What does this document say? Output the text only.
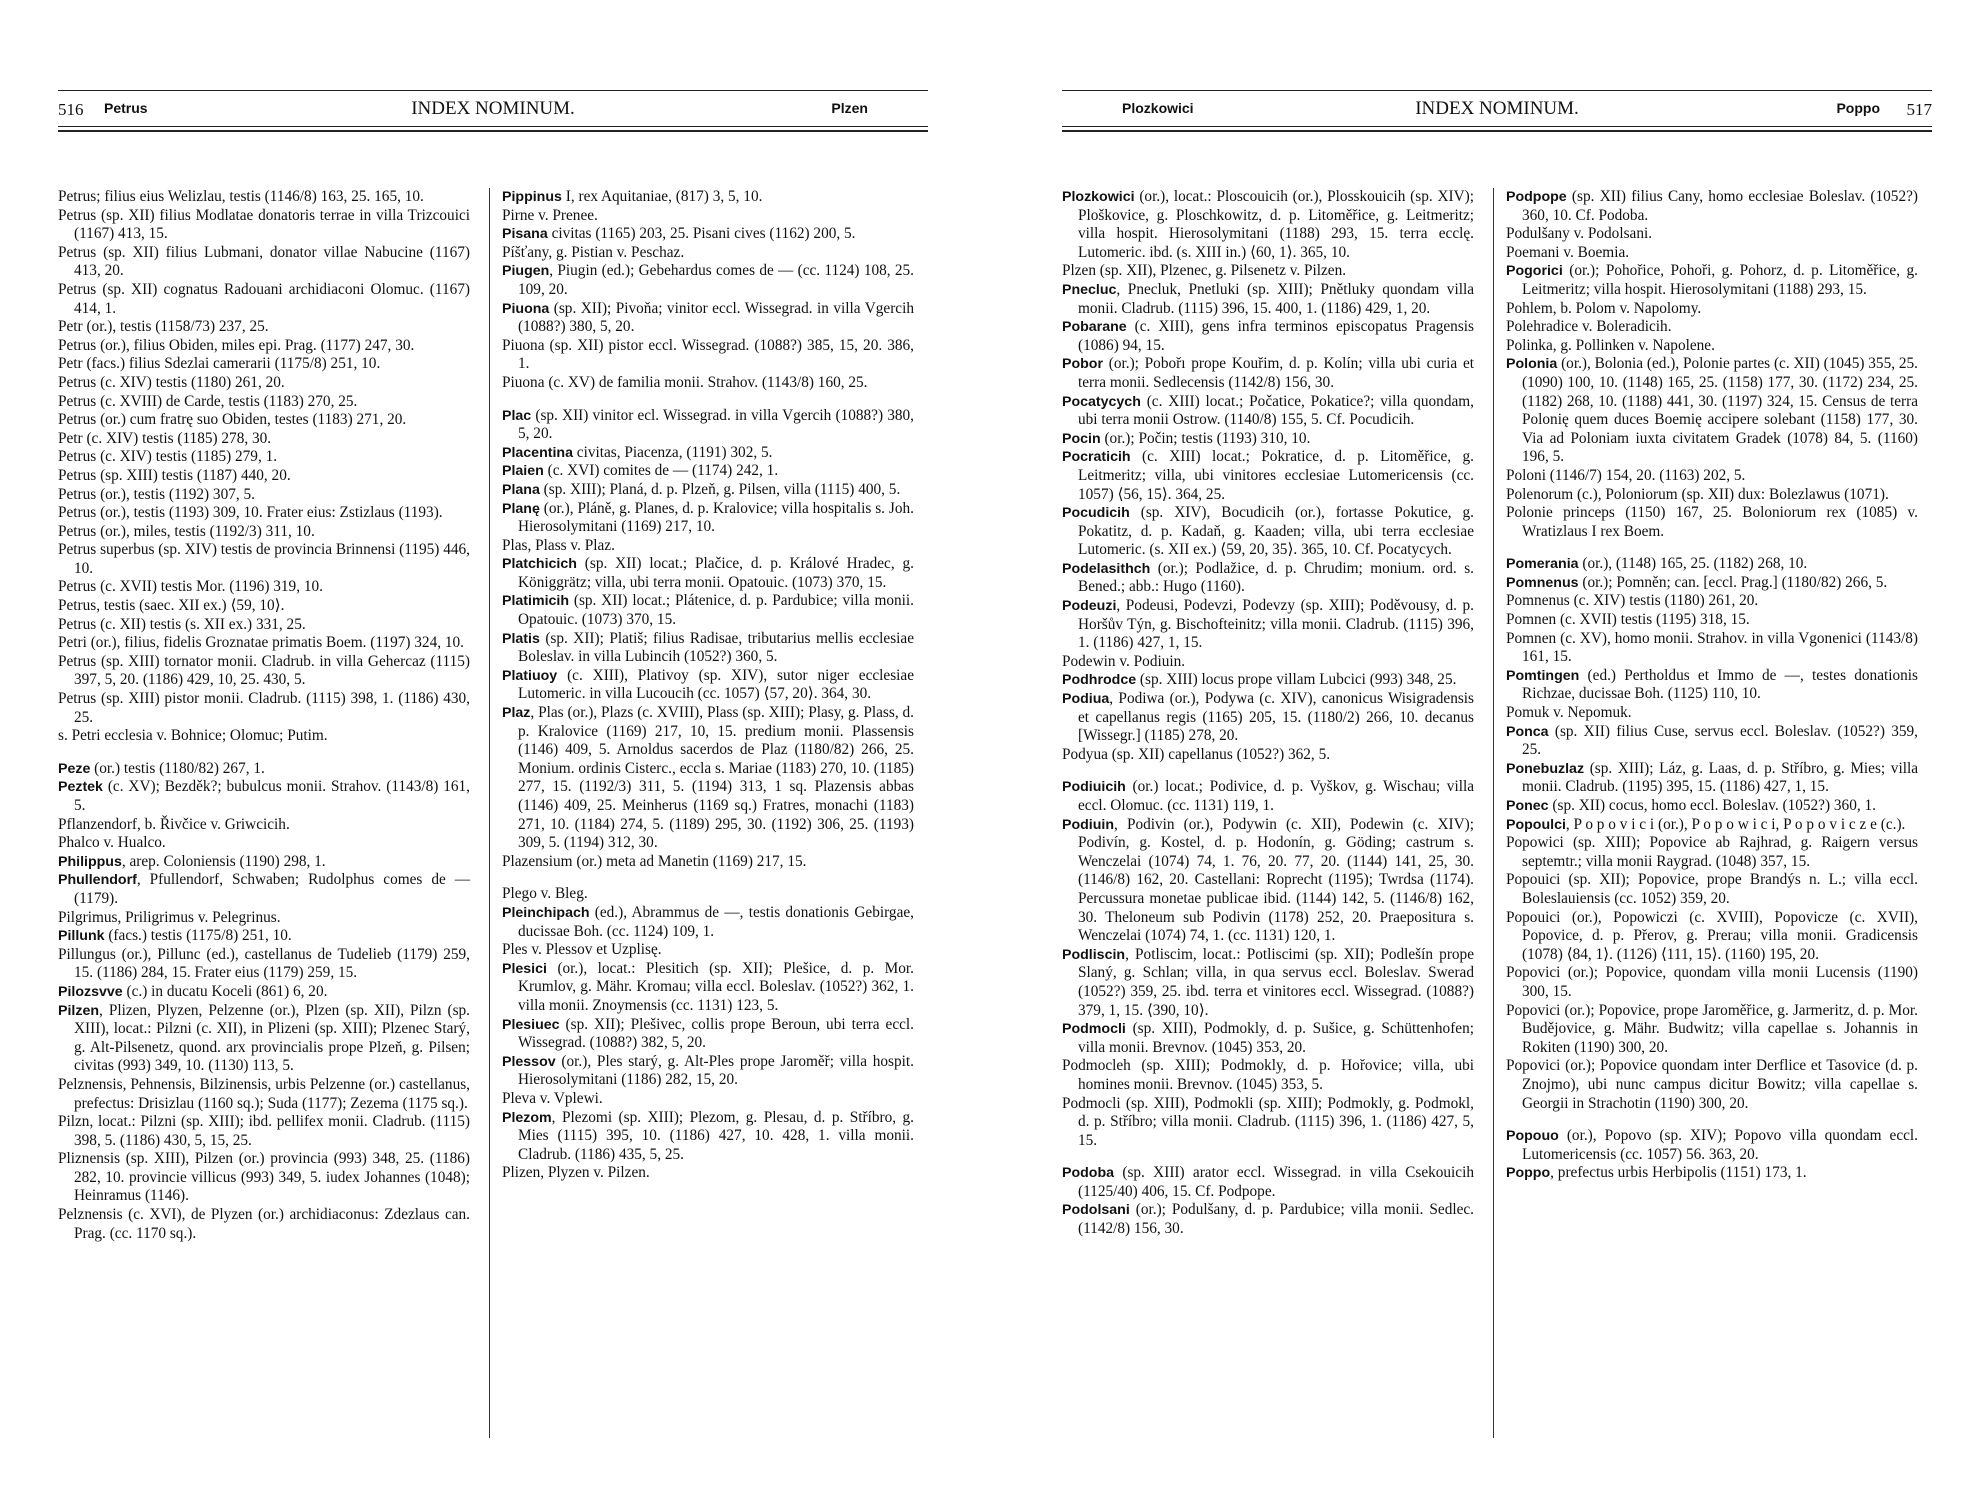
516 Petrus	INDEX NOMINUM.	Plzen

Petrus; filius eius Welizlau, testis (1146/8) 163, 25. 165, 10.

Petrus (sp. XII) filius Modlatae donatoris terrae in villa Trizcouici (1167) 413, 15.

Petrus (sp. XII) filius Lubmani, donator villae Nabucine (1167) 413, 20.

Petrus (sp. XII) cognatus Radouani archidiaconi Olomuc. (1167) 414, 1.

Petr (or.), testis (1158/73) 237, 25.

Petrus (or.), filius Obiden, miles epi. Prag. (1177) 247, 30.

Petr (facs.) filius Sdezlai camerarii (1175/8) 251, 10.

Petrus (c. XIV) testis (1180) 261, 20.

Petrus (c. XVIII) de Carde, testis (1183) 270, 25.

Petrus (or.) cum fratrę suo Obiden, testes (1183) 271, 20.

Petr (c. XIV) testis (1185) 278, 30.

Petrus (c. XIV) testis (1185) 279, 1.

Petrus (sp. XIII) testis (1187) 440, 20.

Petrus (or.), testis (1192) 307, 5.

Petrus (or.), testis (1193) 309, 10. Frater eius: Zstizlaus (1193).

Petrus (or.), miles, testis (1192/3) 311, 10.

Petrus superbus (sp. XIV) testis de provincia Brinnensi (1195) 446, 10.

Petrus (c. XVII) testis Mor. (1196) 319, 10.

Petrus, testis (saec. XII ex.) ⟨59, 10⟩.

Petrus (c. XII) testis (s. XII ex.) 331, 25.

Petri (or.), filius, fidelis Groznatae primatis Boem. (1197) 324, 10.

Petrus (sp. XIII) tornator monii. Cladrub. in villa Gehercaz (1115) 397, 5, 20. (1186) 429, 10, 25. 430, 5.

Petrus (sp. XIII) pistor monii. Cladrub. (1115) 398, 1. (1186) 430, 25.

s. Petri ecclesia v. Bohnice; Olomuc; Putim.

Peze (or.) testis (1180/82) 267, 1.

Peztek (c. XV); Bezděk?; bubulcus monii. Strahov. (1143/8) 161, 5.

Pflanzendorf, b. Řivčice v. Griwcicih.

Phalco v. Hualco.

Philippus, arep. Coloniensis (1190) 298, 1.

Phullendorf, Pfullendorf, Schwaben; Rudolphus comes de — (1179).

Pilgrimus, Priligrimus v. Pelegrinus.

Pillunk (facs.) testis (1175/8) 251, 10.

Pillungus (or.), Pillunc (ed.), castellanus de Tudelieb (1179) 259, 15. (1186) 284, 15. Frater eius (1179) 259, 15.

Pilozsvve (c.) in ducatu Koceli (861) 6, 20.

Pilzen, Plizen, Plyzen, Pelzenne (or.), Plzen (sp. XII), Pilzn (sp. XIII), locat.: Pilzni (c. XII), in Plizeni (sp. XIII); Plzenec Starý, g. Alt-Pilsenetz, quond. arx provincialis prope Plzeň, g. Pilsen; civitas (993) 349, 10. (1130) 113, 5.

Pelznensis, Pehnensis, Bilzinensis, urbis Pelzenne (or.) castellanus, prefectus: Drisizlau (1160 sq.); Suda (1177); Zezema (1175 sq.).

Pilzn, locat.: Pilzni (sp. XIII); ibd. pellifex monii. Cladrub. (1115) 398, 5. (1186) 430, 5, 15, 25.

Pliznensis (sp. XIII), Pilzen (or.) provincia (993) 348, 25. (1186) 282, 10. provincie villicus (993) 349, 5. iudex Johannes (1048); Heinramus (1146).

Pelznensis (c. XVI), de Plyzen (or.) archidiaconus: Zdezlaus can. Prag. (cc. 1170 sq.).

Pippinus I, rex Aquitaniae, (817) 3, 5, 10.

Pirne v. Prenee.

Pisana civitas (1165) 203, 25. Pisani cives (1162) 200, 5.

Píšťany, g. Pistian v. Peschaz.

Piugen, Piugin (ed.); Gebehardus comes de — (cc. 1124) 108, 25. 109, 20.

Piuona (sp. XII); Pivoňa; vinitor eccl. Wissegrad. in villa Vgercih (1088?) 380, 5, 20.

Piuona (sp. XII) pistor eccl. Wissegrad. (1088?) 385, 15, 20. 386, 1.

Piuona (c. XV) de familia monii. Strahov. (1143/8) 160, 25.

Plac (sp. XII) vinitor ecl. Wissegrad. in villa Vgercih (1088?) 380, 5, 20.

Placentina civitas, Piacenza, (1191) 302, 5.

Plaien (c. XVI) comites de — (1174) 242, 1.

Plana (sp. XIII); Planá, d. p. Plzeň, g. Pilsen, villa (1115) 400, 5.

Planę (or.), Pláně, g. Planes, d. p. Kralovice; villa hospitalis s. Joh. Hierosolymitani (1169) 217, 10.

Plas, Plass v. Plaz.

Platchicich (sp. XII) locat.; Plačice, d. p. Králové Hradec, g. Königgrätz; villa, ubi terra monii. Opatouic. (1073) 370, 15.

Platimicih (sp. XII) locat.; Plátenice, d. p. Pardubice; villa monii. Opatouic. (1073) 370, 15.

Platis (sp. XII); Platiš; filius Radisae, tributarius mellis ecclesiae Boleslav. in villa Lubincih (1052?) 360, 5.

Platiuoy (c. XIII), Plativoy (sp. XIV), sutor niger ecclesiae Lutomeric. in villa Lucoucih (cc. 1057) ⟨57, 20⟩. 364, 30.

Plaz, Plas (or.), Plazs (c. XVIII), Plass (sp. XIII); Plasy, g. Plass, d. p. Kralovice (1169) 217, 10, 15. predium monii. Plassensis (1146) 409, 5. Arnoldus sacerdos de Plaz (1180/82) 266, 25. Monium. ordinis Cisterc., eccla s. Mariae (1183) 270, 10. (1185) 277, 15. (1192/3) 311, 5. (1194) 313, 1 sq. Plazensis abbas (1146) 409, 25. Meinherus (1169 sq.) Fratres, monachi (1183) 271, 10. (1184) 274, 5. (1189) 295, 30. (1192) 306, 25. (1193) 309, 5. (1194) 312, 30.

Plazensium (or.) meta ad Manetin (1169) 217, 15.

Plego v. Bleg.

Pleinchipach (ed.), Abrammus de —, testis donationis Gebirgae, ducissae Boh. (cc. 1124) 109, 1.

Ples v. Plessov et Uzplisę.

Plesici (or.), locat.: Plesitich (sp. XII); Plešice, d. p. Mor. Krumlov, g. Mähr. Kromau; villa eccl. Boleslav. (1052?) 362, 1. villa monii. Znoymensis (cc. 1131) 123, 5.

Plesiuec (sp. XII); Plešivec, collis prope Beroun, ubi terra eccl. Wissegrad. (1088?) 382, 5, 20.

Plessov (or.), Ples starý, g. Alt-Ples prope Jaroměř; villa hospit. Hierosolymitani (1186) 282, 15, 20.

Pleva v. Vplewi.

Plezom, Plezomi (sp. XIII); Plezom, g. Plesau, d. p. Stříbro, g. Mies (1115) 395, 10. (1186) 427, 10. 428, 1. villa monii. Cladrub. (1186) 435, 5, 25.

Plizen, Plyzen v. Pilzen.

Plozkowici	INDEX NOMINUM.	Poppo 517

Plozkowici (or.), locat.: Ploscouicih (or.), Plosskouicih (sp. XIV); Ploškovice, g. Ploschkowitz, d. p. Litoměřice, g. Leitmeritz; villa hospit. Hierosolymitani (1188) 293, 15. terra ecclę. Lutomeric. ibd. (s. XIII in.) ⟨60, 1⟩. 365, 10.

Plzen (sp. XII), Plzenec, g. Pilsenetz v. Pilzen.

Pnecluc, Pnecluk, Pnetluki (sp. XIII); Pnětluky quondam villa monii. Cladrub. (1115) 396, 15. 400, 1. (1186) 429, 1, 20.

Pobarane (c. XIII), gens infra terminos episcopatus Pragensis (1086) 94, 15.

Pobor (or.); Pobořı prope Kouřim, d. p. Kolín; villa ubi curia et terra monii. Sedlecensis (1142/8) 156, 30.

Pocatycych (c. XIII) locat.; Počatice, Pokatice?; villa quondam, ubi terra monii Ostrow. (1140/8) 155, 5. Cf. Pocudicih.

Pocin (or.); Počin; testis (1193) 310, 10.

Pocraticih (c. XIII) locat.; Pokratice, d. p. Litoměřice, g. Leitmeritz; villa, ubi vinitores ecclesiae Lutomericensis (cc. 1057) ⟨56, 15⟩. 364, 25.

Pocudicih (sp. XIV), Bocudicih (or.), fortasse Pokutice, g. Pokatitz, d. p. Kadaň, g. Kaaden; villa, ubi terra ecclesiae Lutomeric. (s. XII ex.) ⟨59, 20, 35⟩. 365, 10. Cf. Pocatycych.

Podelasithch (or.); Podlažice, d. p. Chrudim; monium. ord. s. Bened.; abb.: Hugo (1160).

Podeuzi, Podeusi, Podevzi, Podevzy (sp. XIII); Poděvousy, d. p. Horšův Týn, g. Bischofteinitz; villa monii. Cladrub. (1115) 396, 1. (1186) 427, 1, 15.

Podewin v. Podiuin.

Podhrodce (sp. XIII) locus prope villam Lubcici (993) 348, 25.

Podiua, Podiwa (or.), Podywa (c. XIV), canonicus Wisigradensis et capellanus regis (1165) 205, 15. (1180/2) 266, 10. decanus [Wissegr.] (1185) 278, 20.

Podyua (sp. XII) capellanus (1052?) 362, 5.

Podiuicih (or.) locat.; Podivice, d. p. Vyškov, g. Wischau; villa eccl. Olomuc. (cc. 1131) 119, 1.

Podiuin, Podivin (or.), Podywin (c. XII), Podewin (c. XIV); Podivín, g. Kostel, d. p. Hodonín, g. Göding; castrum s. Wenczelai (1074) 74, 1. 76, 20. 77, 20. (1144) 141, 25, 30. (1146/8) 162, 20. Castellani: Roprecht (1195); Twrdsa (1174). Percussura monetae publicae ibid. (1144) 142, 5. (1146/8) 162, 30. Theloneum sub Podivin (1178) 252, 20. Praepositura s. Wenczelai (1074) 74, 1. (cc. 1131) 120, 1.

Podliscin, Potliscim, locat.: Potliscimi (sp. XII); Podlešín prope Slaný, g. Schlan; villa, in qua servus eccl. Boleslav. Swerad (1052?) 359, 25. ibd. terra et vinitores eccl. Wissegrad. (1088?) 379, 1, 15. ⟨390, 10⟩.

Podmocli (sp. XIII), Podmokly, d. p. Sušice, g. Schüttenhofen; villa monii. Brevnov. (1045) 353, 20.

Podmocleh (sp. XIII); Podmokly, d. p. Hořovice; villa, ubi homines monii. Brevnov. (1045) 353, 5.

Podmocli (sp. XIII), Podmokli (sp. XIII); Podmokly, g. Podmokl, d. p. Stříbro; villa monii. Cladrub. (1115) 396, 1. (1186) 427, 5, 15.

Podoba (sp. XIII) arator eccl. Wissegrad. in villa Csekouicih (1125/40) 406, 15. Cf. Podpope.

Podolsani (or.); Podulšany, d. p. Pardubice; villa monii. Sedlec. (1142/8) 156, 30.

Podpope (sp. XII) filius Cany, homo ecclesiae Boleslav. (1052?) 360, 10. Cf. Podoba.

Podulšany v. Podolsani.

Poemani v. Boemia.

Pogorici (or.); Pohořice, Pohoři, g. Pohorz, d. p. Litoměřice, g. Leitmeritz; villa hospit. Hierosolymitani (1188) 293, 15.

Pohlem, b. Polom v. Napolomy.

Polehradice v. Boleradicih.

Polinka, g. Pollinken v. Napolene.

Polonia (or.), Bolonia (ed.), Polonie partes (c. XII) (1045) 355, 25. (1090) 100, 10. (1148) 165, 25. (1158) 177, 30. (1172) 234, 25. (1182) 268, 10. (1188) 441, 30. (1197) 324, 15. Census de terra Polonię quem duces Boemię accipere solebant (1158) 177, 30. Via ad Poloniam iuxta civitatem Gradek (1078) 84, 5. (1160) 196, 5.

Poloni (1146/7) 154, 20. (1163) 202, 5.

Polenorum (c.), Poloniorum (sp. XII) dux: Bolezlawus (1071).

Polonie princeps (1150) 167, 25. Boloniorum rex (1085) v. Wratizlaus I rex Boem.

Pomerania (or.), (1148) 165, 25. (1182) 268, 10.

Pomnenus (or.); Pomněn; can. [eccl. Prag.] (1180/82) 266, 5.

Pomnenus (c. XIV) testis (1180) 261, 20.

Pomnen (c. XVII) testis (1195) 318, 15.

Pomnen (c. XV), homo monii. Strahov. in villa Vgonenici (1143/8) 161, 15.

Pomtingen (ed.) Pertholdus et Immo de —, testes donationis Richzae, ducissae Boh. (1125) 110, 10.

Pomuk v. Nepomuk.

Ponca (sp. XII) filius Cuse, servus eccl. Boleslav. (1052?) 359, 25.

Ponebuzlaz (sp. XIII); Láz, g. Laas, d. p. Stříbro, g. Mies; villa monii. Cladrub. (1195) 395, 15. (1186) 427, 1, 15.

Ponec (sp. XII) cocus, homo eccl. Boleslav. (1052?) 360, 1.

Popoulci, P o p o v i c i (or.), P o p o w i c i, P o p o v i c z e (c.).

Popowici (sp. XIII); Popovice ab Rajhrad, g. Raigern versus septemtr.; villa monii Raygrad. (1048) 357, 15.

Popouici (sp. XII); Popovice, prope Brandýs n. L.; villa eccl. Boleslauiensis (cc. 1052) 359, 20.

Popouici (or.), Popowiczi (c. XVIII), Popovicze (c. XVII), Popovice, d. p. Přerov, g. Prerau; villa monii. Gradicensis (1078) ⟨84, 1⟩. (1126) ⟨111, 15⟩. (1160) 195, 20.

Popovici (or.); Popovice, quondam villa monii Lucensis (1190) 300, 15.

Popovici (or.); Popovice, prope Jaroměřice, g. Jarmeritz, d. p. Mor. Budějovice, g. Mähr. Budwitz; villa capellae s. Johannis in Rokiten (1190) 300, 20.

Popovici (or.); Popovice quondam inter Derflice et Tasovice (d. p. Znojmo), ubi nunc campus dicitur Bowitz; villa capellae s. Georgii in Strachotin (1190) 300, 20.

Popouo (or.), Popovo (sp. XIV); Popovo villa quondam eccl. Lutomericensis (cc. 1057) 56. 363, 20.

Poppo, prefectus urbis Herbipolis (1151) 173, 1.
